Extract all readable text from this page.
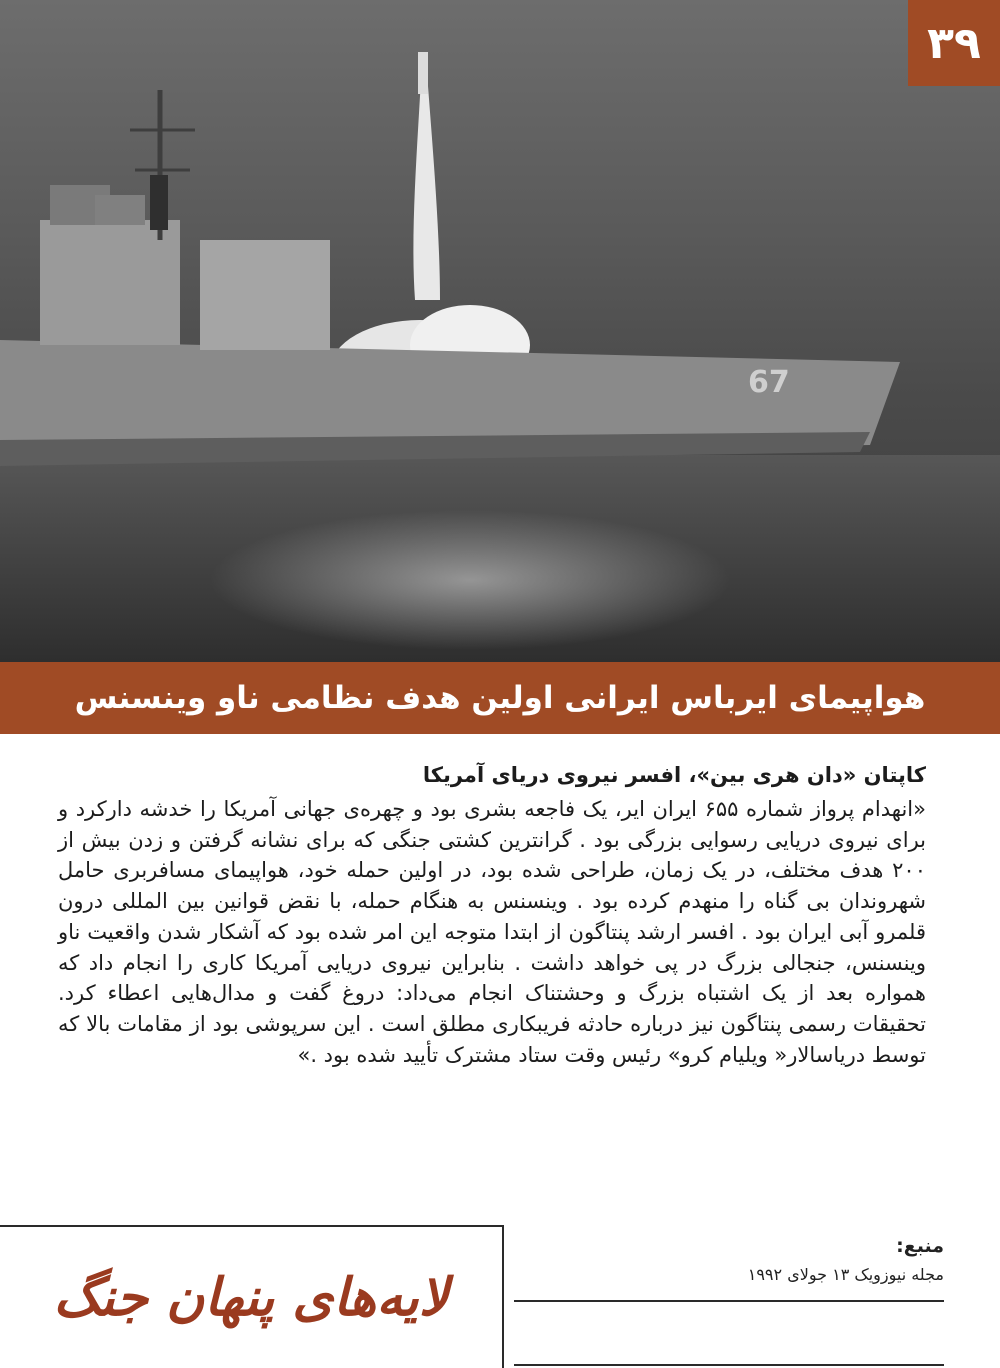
67
۳۹
هواپیمای ایرباس ایرانی اولین هدف نظامی ناو وینسنس
کاپتان «دان هری بین»، افسر نیروی دریای آمریکا
«انهدام پرواز شماره ۶۵۵ ایران ایر، یک فاجعه بشری بود و چهره‌ی جهانی آمریکا را خدشه دارکرد و برای نیروی دریایی رسوایی بزرگی بود . گرانترین کشتی جنگی که برای نشانه گرفتن و زدن بیش از ۲۰۰ هدف مختلف، در یک زمان، طراحی شده بود، در اولین حمله خود، هواپیمای مسافربری حامل شهروندان بی گناه را منهدم کرده بود . وینسنس به هنگام حمله، با نقض قوانین بین المللی درون قلمرو آبی ایران بود . افسر ارشد پنتاگون از ابتدا متوجه این امر شده بود که آشکار شدن واقعیت ناو وینسنس، جنجالی بزرگ در پی خواهد داشت . بنابراین نیروی دریایی آمریکا کاری را انجام داد که همواره بعد از یک اشتباه بزرگ و وحشتناک انجام می‌داد: دروغ گفت و مدال‌هایی اعطاء کرد. تحقیقات رسمی پنتاگون نیز درباره حادثه فریبکاری مطلق است . این سرپوشی بود از مقامات بالا که توسط دریاسالار« ویلیام کرو» رئیس وقت ستاد مشترک تأیید شده بود .»
لایه‌های پنهان جنگ
منبع:
مجله نیوزویک ۱۳ جولای ۱۹۹۲
